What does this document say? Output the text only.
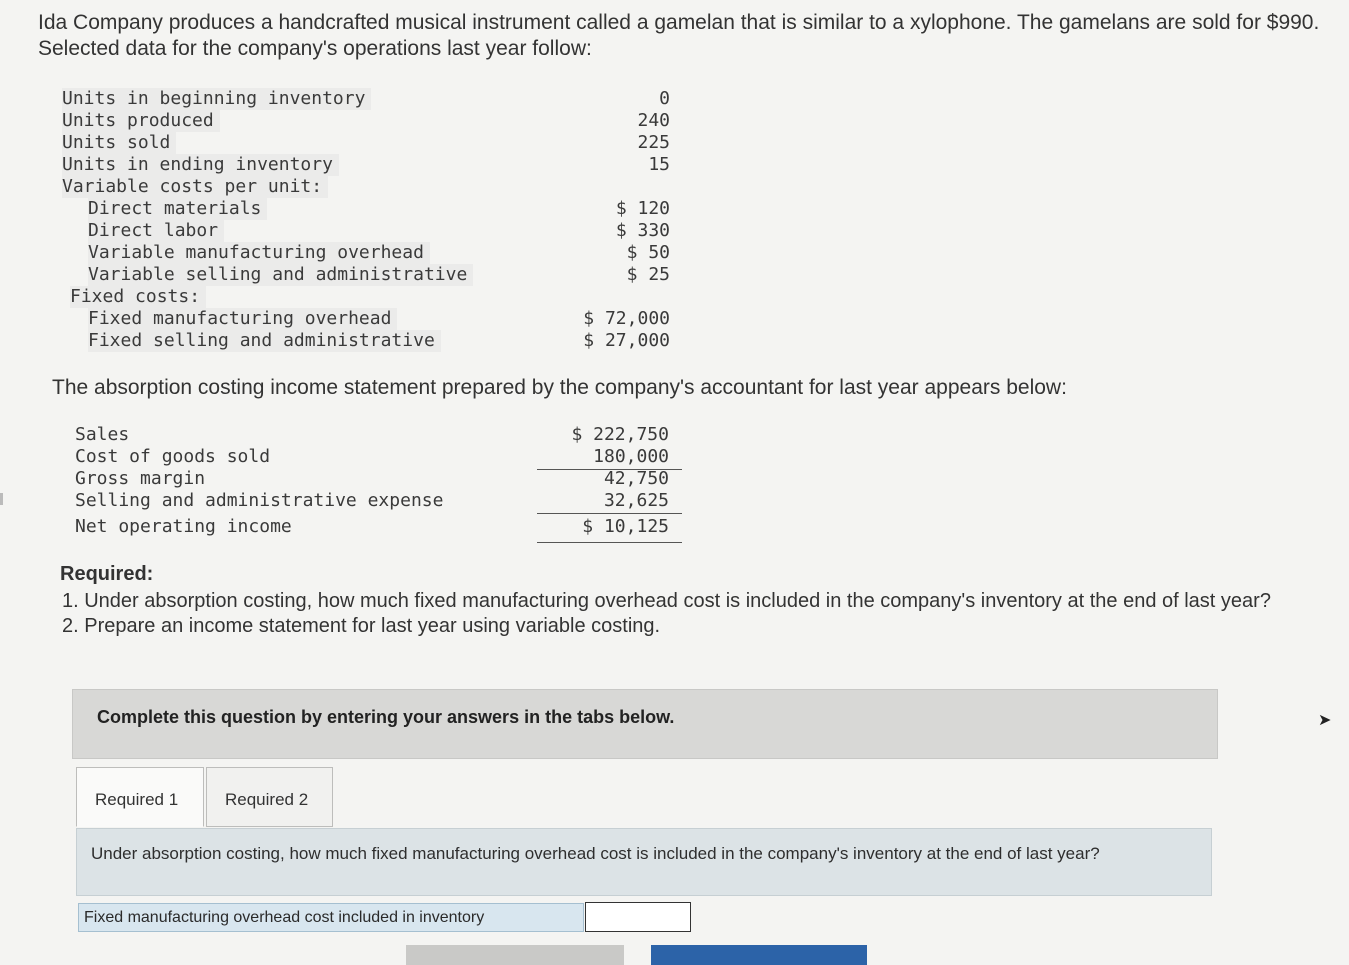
Ida Company produces a handcrafted musical instrument called a gamelan that is similar to a xylophone. The gamelans are sold for $990. Selected data for the company's operations last year follow:
Units in beginning inventory	0
Units produced	240
Units sold	225
Units in ending inventory	15
Variable costs per unit:
Direct materials	$ 120
Direct labor	$ 330
Variable manufacturing overhead	$ 50
Variable selling and administrative	$ 25
Fixed costs:
Fixed manufacturing overhead	$ 72,000
Fixed selling and administrative	$ 27,000
The absorption costing income statement prepared by the company's accountant for last year appears below:
Sales	$ 222,750
Cost of goods sold	180,000
Gross margin	42,750
Selling and administrative expense	32,625
Net operating income	$ 10,125
Required:
1. Under absorption costing, how much fixed manufacturing overhead cost is included in the company's inventory at the end of last year?
2. Prepare an income statement for last year using variable costing.
Complete this question by entering your answers in the tabs below.	➤
Required 1	Required 2
Under absorption costing, how much fixed manufacturing overhead cost is included in the company's inventory at the end of last year?
Fixed manufacturing overhead cost included in inventory
